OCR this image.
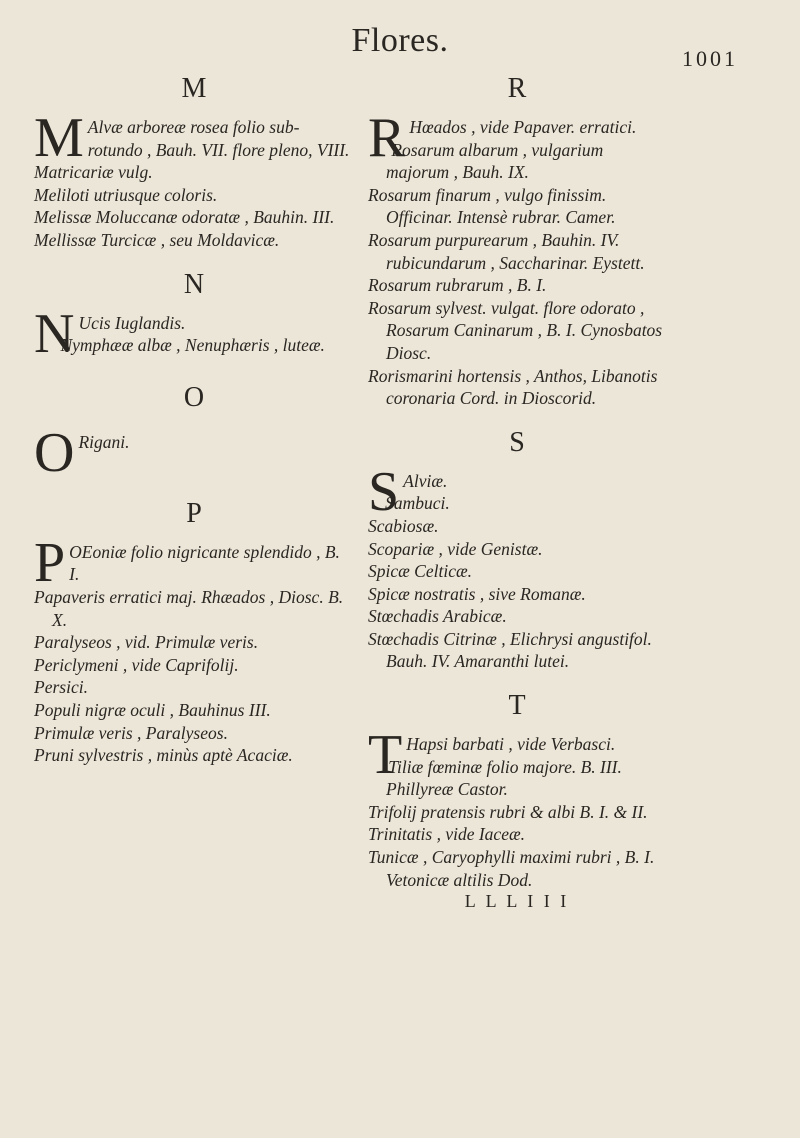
Flores.	1001
M

M Alvæ arboreæ rosea folio sub- rotundo , Bauh. VII. flore pleno, VIII.

Matricariæ vulg.

Meliloti utriusque coloris.

Melissæ Moluccanæ odoratæ , Bauhin. III.

Mellissæ Turcicæ , seu Moldavicæ.

N

N Ucis Iuglandis.

Nymphææ albæ , Nenuphæris , luteæ.

O

O Rigani.

P

P OEoniæ folio nigricante splendido , B. I.

Papaveris erratici maj. Rhæados , Diosc. B. X.

Paralyseos , vid. Primulæ veris.

Periclymeni , vide Caprifolij.

Persici.

Populi nigræ oculi , Bauhinus III.

Primulæ veris , Paralyseos.

Pruni sylvestris , minùs aptè Acaciæ.

R

R Hœados , vide Papaver. erratici.

Rosarum albarum , vulgarium majorum , Bauh. IX.

Rosarum finarum , vulgo finissim. Officinar. Intensè rubrar. Camer.

Rosarum purpurearum , Bauhin. IV. rubicundarum , Saccharinar. Eystett.

Rosarum rubrarum , B. I.

Rosarum sylvest. vulgat. flore odorato , Rosarum Caninarum , B. I. Cynosbatos Diosc.

Rorismarini hortensis , Anthos, Libanotis coronaria Cord. in Dioscorid.

S

S Alviæ.

Sambuci.

Scabiosæ.

Scopariæ , vide Genistæ.

Spicæ Celticæ.

Spicæ nostratis , sive Romanæ.

Stœchadis Arabicæ.

Stœchadis Citrinæ , Elichrysi angustifol. Bauh. IV. Amaranthi lutei.

T

T Hapsi barbati , vide Verbasci.

Tiliæ fœminæ folio majore. B. III. Phillyreæ Castor.

Trifolij pratensis rubri & albi B. I. & II.

Trinitatis , vide Iaceæ.

Tunicæ , Caryophylli maximi rubri , B. I. Vetonicæ altilis Dod.

L L L I I I
